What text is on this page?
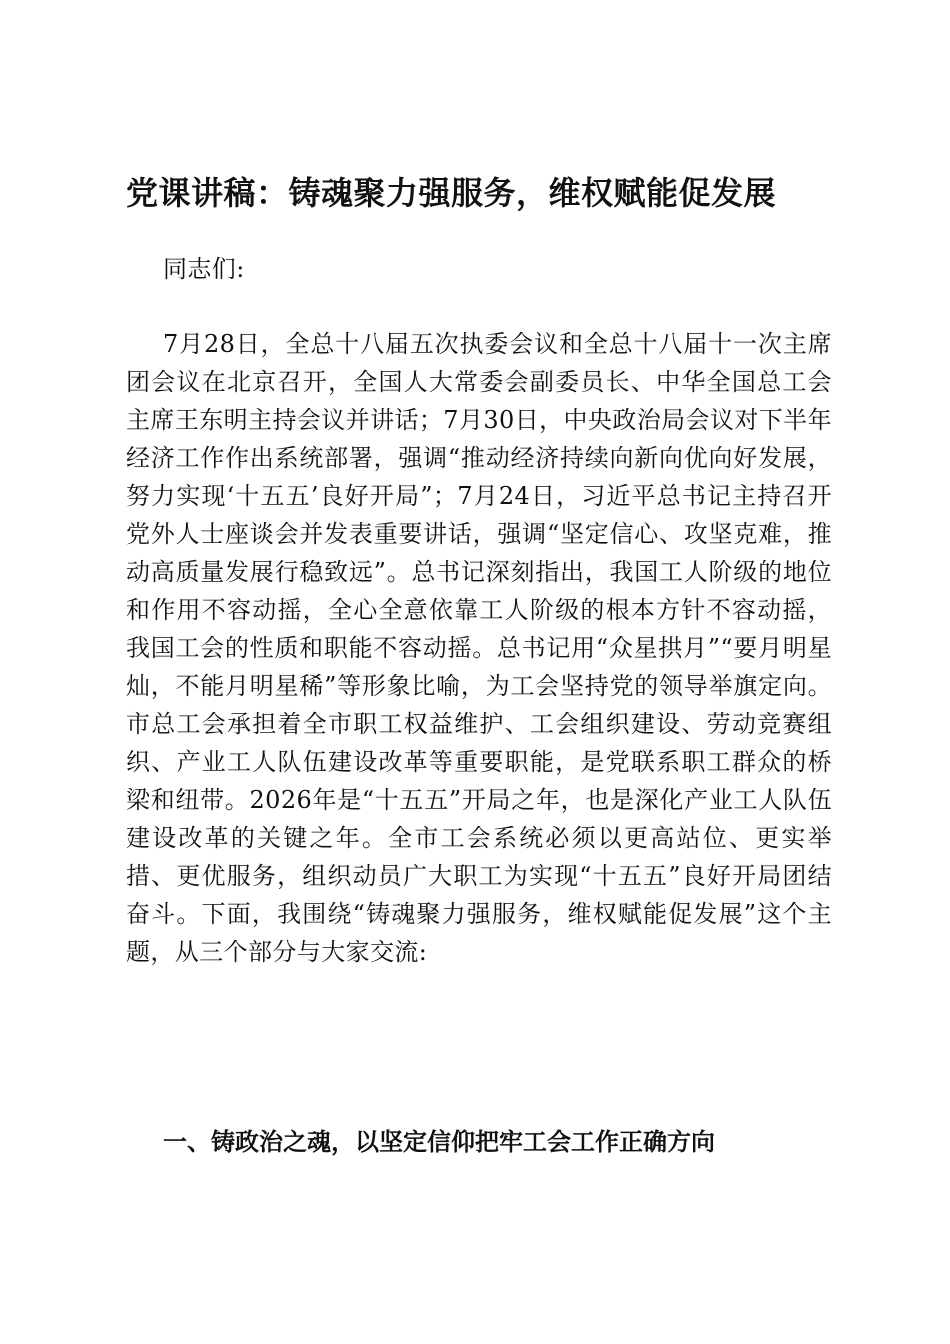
党课讲稿：铸魂聚力强服务，维权赋能促发展

同志们:

7月28日，全总十八届五次执委会议和全总十八届十一次主席团会议在北京召开，全国人大常委会副委员长、中华全国总工会主席王东明主持会议并讲话；7月30日，中央政治局会议对下半年经济工作作出系统部署，强调“推动经济持续向新向优向好发展，努力实现‘十五五’良好开局”；7月24日，习近平总书记主持召开党外人士座谈会并发表重要讲话，强调“坚定信心、攻坚克难，推动高质量发展行稳致远”。总书记深刻指出，我国工人阶级的地位和作用不容动摇，全心全意依靠工人阶级的根本方针不容动摇，我国工会的性质和职能不容动摇。总书记用“众星拱月”“要月明星灿，不能月明星稀”等形象比喻，为工会坚持党的领导举旗定向。市总工会承担着全市职工权益维护、工会组织建设、劳动竞赛组织、产业工人队伍建设改革等重要职能，是党联系职工群众的桥梁和纽带。2026年是“十五五”开局之年，也是深化产业工人队伍建设改革的关键之年。全市工会系统必须以更高站位、更实举措、更优服务，组织动员广大职工为实现“十五五”良好开局团结奋斗。下面，我围绕“铸魂聚力强服务，维权赋能促发展”这个主题，从三个部分与大家交流:

一、铸政治之魂，以坚定信仰把牢工会工作正确方向
